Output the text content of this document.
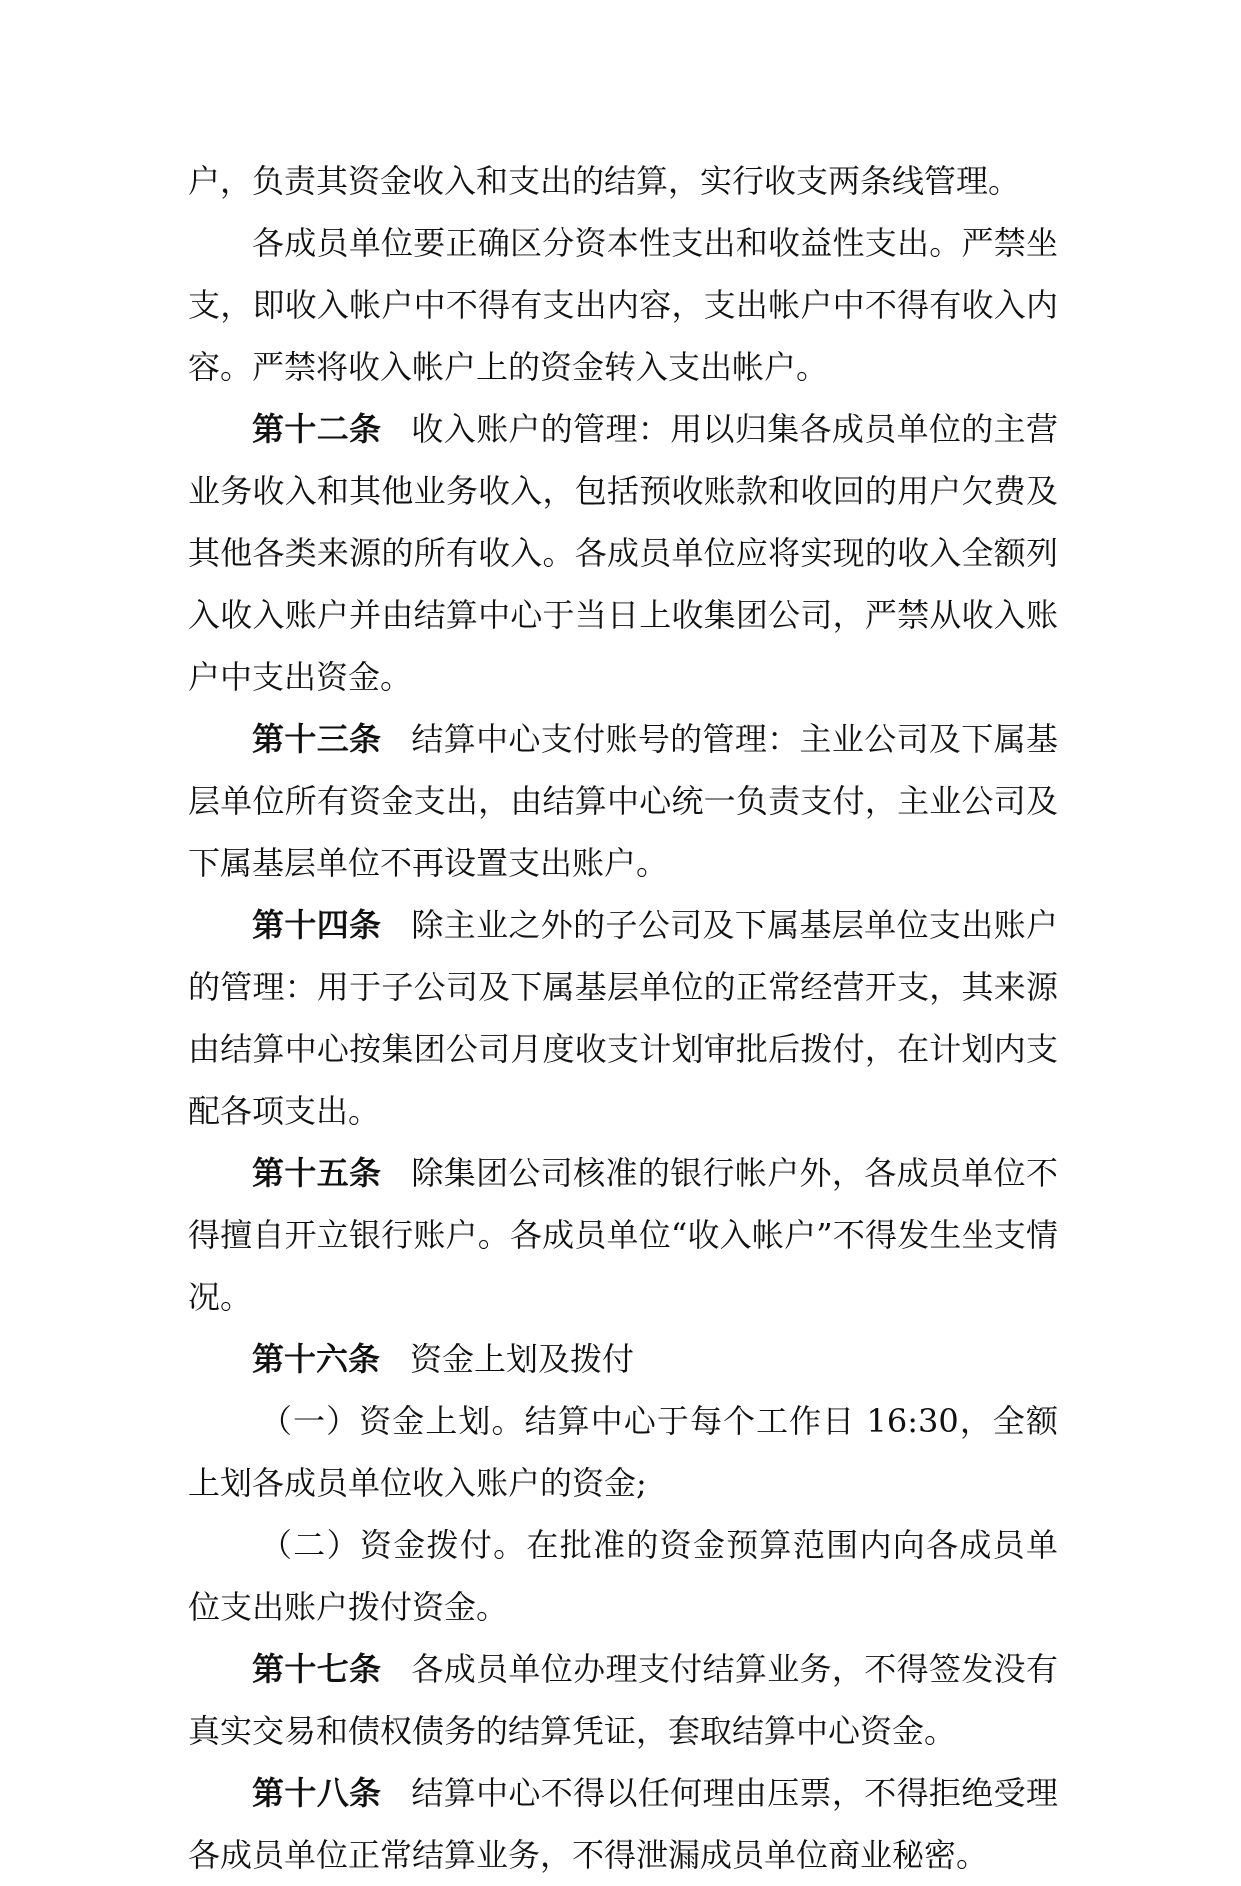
户，负责其资金收入和支出的结算，实行收支两条线管理。

各成员单位要正确区分资本性支出和收益性支出。严禁坐支，即收入帐户中不得有支出内容，支出帐户中不得有收入内容。严禁将收入帐户上的资金转入支出帐户。

第十二条 收入账户的管理：用以归集各成员单位的主营业务收入和其他业务收入，包括预收账款和收回的用户欠费及其他各类来源的所有收入。各成员单位应将实现的收入全额列入收入账户并由结算中心于当日上收集团公司，严禁从收入账户中支出资金。

第十三条 结算中心支付账号的管理：主业公司及下属基层单位所有资金支出，由结算中心统一负责支付，主业公司及下属基层单位不再设置支出账户。

第十四条 除主业之外的子公司及下属基层单位支出账户的管理：用于子公司及下属基层单位的正常经营开支，其来源由结算中心按集团公司月度收支计划审批后拨付，在计划内支配各项支出。

第十五条 除集团公司核准的银行帐户外，各成员单位不得擅自开立银行账户。各成员单位“收入帐户”不得发生坐支情况。

第十六条 资金上划及拨付

（一）资金上划。结算中心于每个工作日 16:30，全额上划各成员单位收入账户的资金;

（二）资金拨付。在批准的资金预算范围内向各成员单位支出账户拨付资金。

第十七条 各成员单位办理支付结算业务，不得签发没有真实交易和债权债务的结算凭证，套取结算中心资金。

第十八条 结算中心不得以任何理由压票，不得拒绝受理各成员单位正常结算业务，不得泄漏成员单位商业秘密。
